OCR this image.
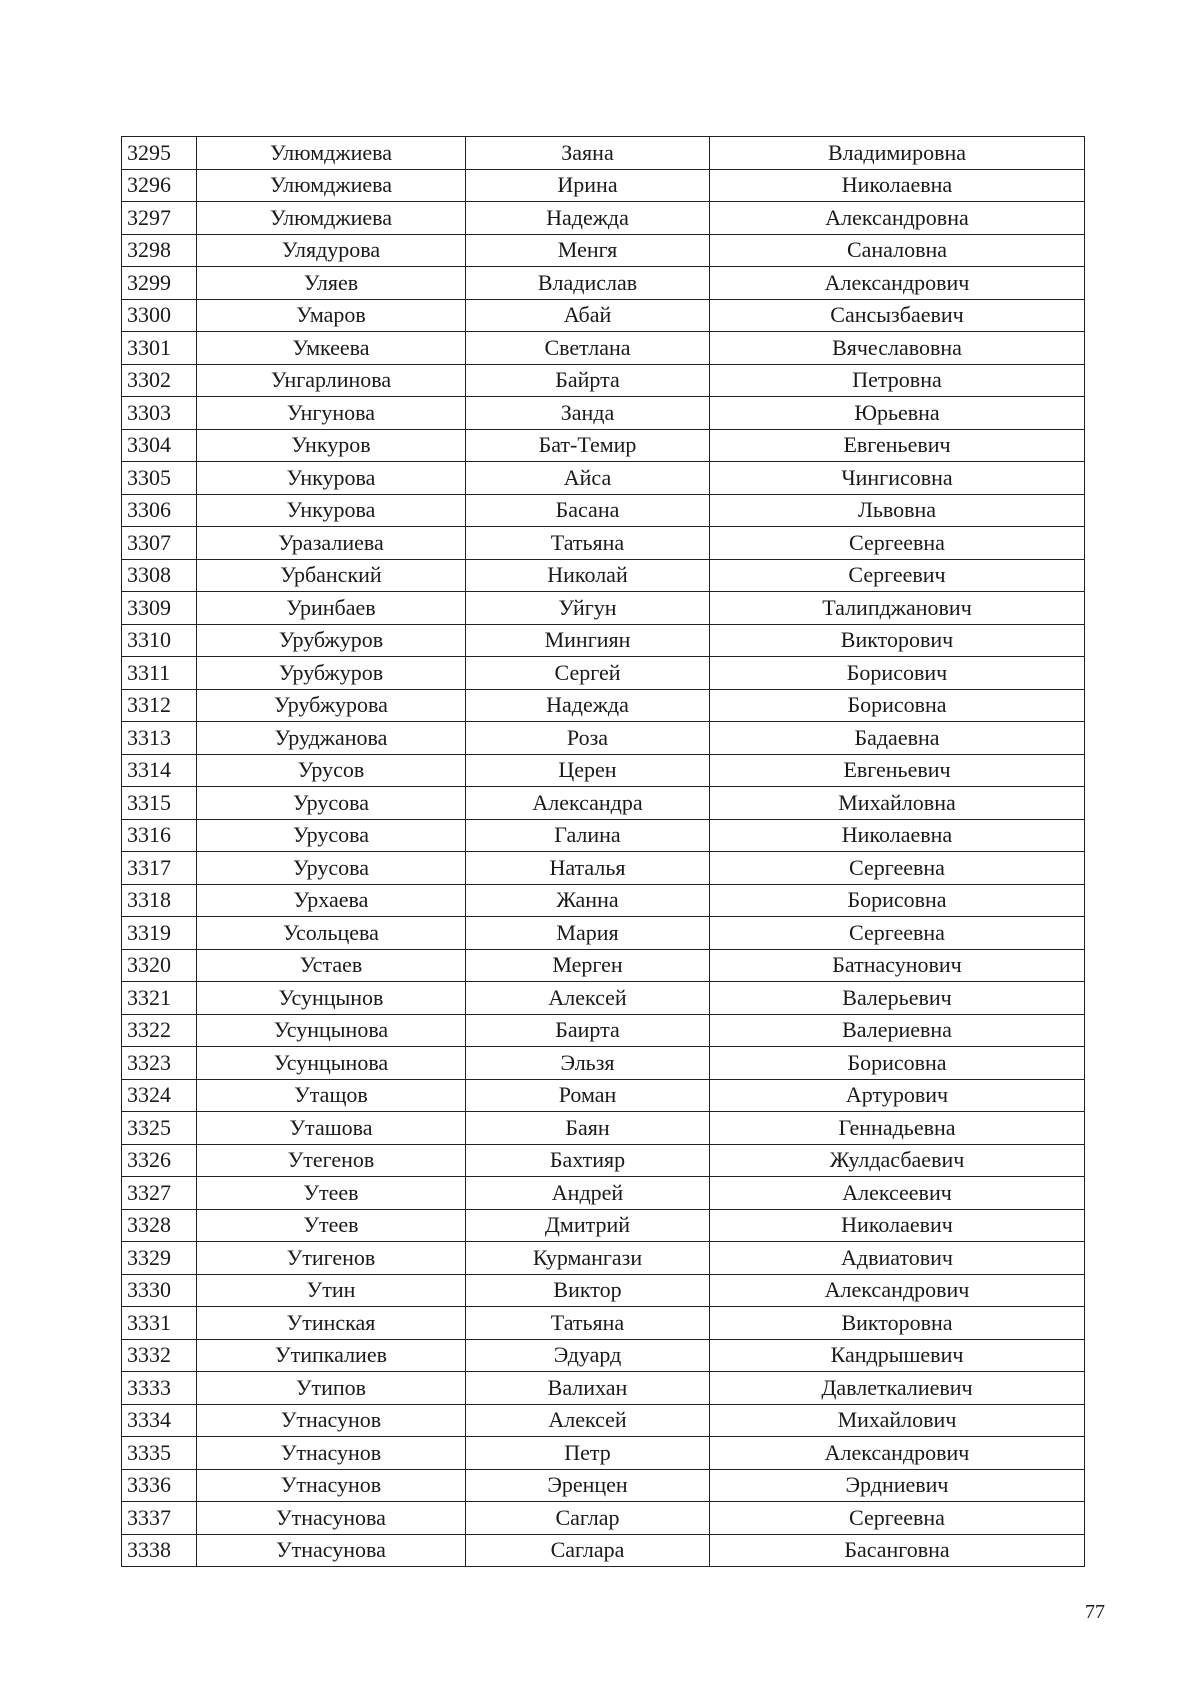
3295	Улюмджиева	Заяна	Владимировна
3296	Улюмджиева	Ирина	Николаевна
3297	Улюмджиева	Надежда	Александровна
3298	Улядурова	Менгя	Саналовна
3299	Уляев	Владислав	Александрович
3300	Умаров	Абай	Сансызбаевич
3301	Умкеева	Светлана	Вячеславовна
3302	Унгарлинова	Байрта	Петровна
3303	Унгунова	Занда	Юрьевна
3304	Ункуров	Бат-Темир	Евгеньевич
3305	Ункурова	Айса	Чингисовна
3306	Ункурова	Басана	Львовна
3307	Уразалиева	Татьяна	Сергеевна
3308	Урбанский	Николай	Сергеевич
3309	Уринбаев	Уйгун	Талипджанович
3310	Урубжуров	Мингиян	Викторович
3311	Урубжуров	Сергей	Борисович
3312	Урубжурова	Надежда	Борисовна
3313	Уруджанова	Роза	Бадаевна
3314	Урусов	Церен	Евгеньевич
3315	Урусова	Александра	Михайловна
3316	Урусова	Галина	Николаевна
3317	Урусова	Наталья	Сергеевна
3318	Урхаева	Жанна	Борисовна
3319	Усольцева	Мария	Сергеевна
3320	Устаев	Мерген	Батнасунович
3321	Усунцынов	Алексей	Валерьевич
3322	Усунцынова	Баирта	Валериевна
3323	Усунцынова	Эльзя	Борисовна
3324	Утащов	Роман	Артурович
3325	Уташова	Баян	Геннадьевна
3326	Утегенов	Бахтияр	Жулдасбаевич
3327	Утеев	Андрей	Алексеевич
3328	Утеев	Дмитрий	Николаевич
3329	Утигенов	Курмангази	Адвиатович
3330	Утин	Виктор	Александрович
3331	Утинская	Татьяна	Викторовна
3332	Утипкалиев	Эдуард	Кандрышевич
3333	Утипов	Валихан	Давлеткалиевич
3334	Утнасунов	Алексей	Михайлович
3335	Утнасунов	Петр	Александрович
3336	Утнасунов	Эренцен	Эрдниевич
3337	Утнасунова	Саглар	Сергеевна
3338	Утнасунова	Саглара	Басанговна
77
